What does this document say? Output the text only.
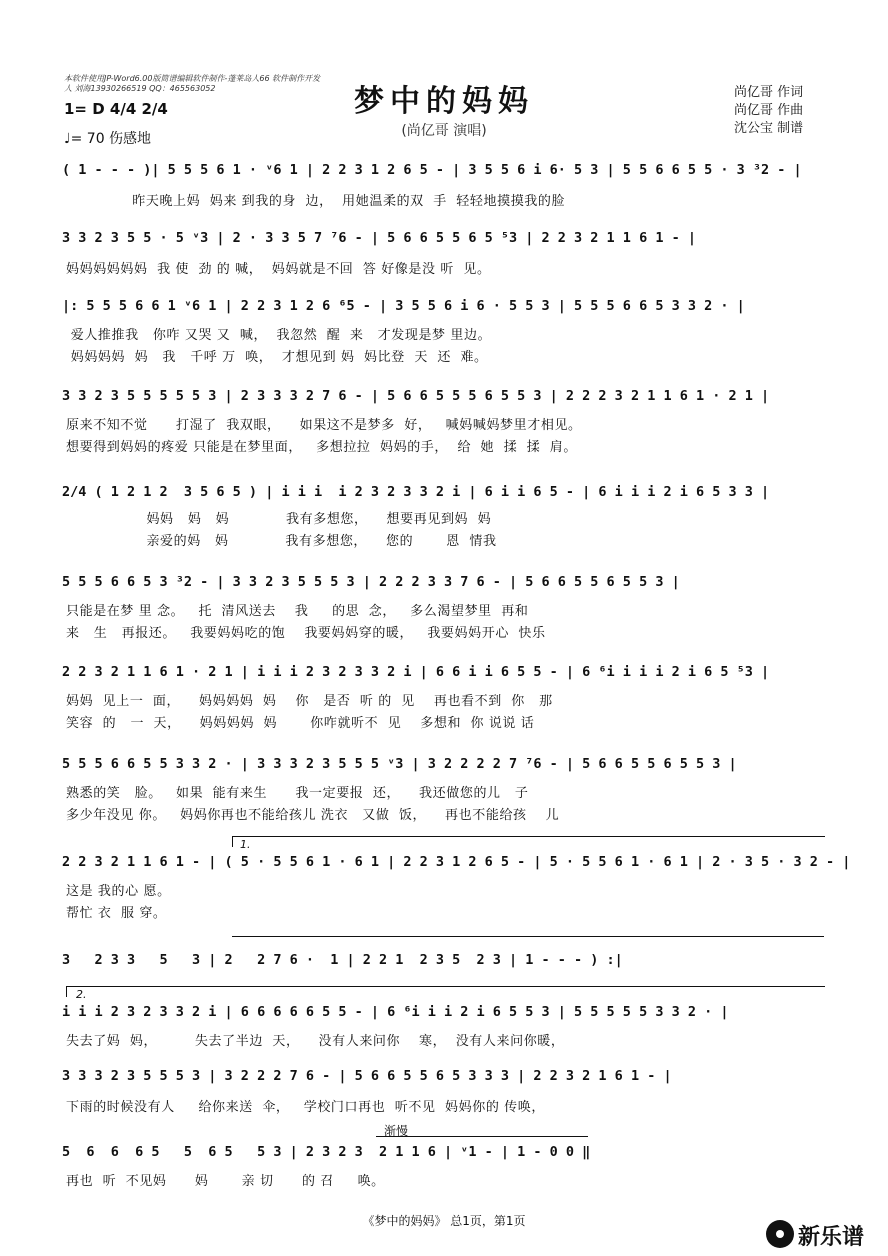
本软件使用JP-Word6.00版简谱编辑软件制作-蓬莱岛人66 软件制作开发人 刘海13930266519 QQ：465563052
1= D 4/4 2/4
♩= 70 伤感地
梦中的妈妈
(尚亿哥 演唱)
尚亿哥 作词
尚亿哥 作曲
沈公宝 制谱
( 1 - - - )| 5 5 5 6 1 · ᵛ6 1 | 2 2 3 1 2 6 5 - | 3 5 5 6 i 6· 5 3 | 5 5 6 6 5 5 · 3 ³2 - |
昨天晚上妈  妈来 到我的身  边，  用她温柔的双  手  轻轻地摸摸我的脸
3 3 2 3 5 5 · 5 ᵛ3 | 2 · 3 3 5 7 ⁷6 - | 5 6 6 5 5 6 5 ⁵3 | 2 2 3 2 1 1 6 1 - |
妈妈妈妈妈妈  我 使  劲 的 喊，  妈妈就是不回  答 好像是没 听  见。
|: 5 5 5 6 6 1 ᵛ6 1 | 2 2 3 1 2 6 ⁶5 - | 3 5 5 6 i 6 · 5 5 3 | 5 5 5 6 6 5 3 3 2 · |
爱人推推我   你咋 又哭 又  喊，  我忽然  醒  来   才发现是梦 里边。
妈妈妈妈  妈   我   千呼 万  唤，  才想见到 妈  妈比登  天  还  难。
3 3 2 3 5 5 5 5 5 3 | 2 3 3 3 2 7 6 - | 5 6 6 5 5 5 6 5 5 3 | 2 2 2 3 2 1 1 6 1 · 2 1 |
原来不知不觉      打湿了  我双眼，    如果这不是梦多  好，   喊妈喊妈梦里才相见。
想要得到妈妈的疼爱 只能是在梦里面，   多想拉拉  妈妈的手，  给  她  揉  揉  肩。
2/4 ( 1 2 1 2  3 5 6 5 ) | i i i  i 2 3 2 3 3 2 i | 6 i i 6 5 - | 6 i i i 2 i 6 5 3 3 |
妈妈   妈   妈            我有多想您，    想要再见到妈  妈
亲爱的妈   妈            我有多想您，    您的       恩  情我
5 5 5 6 6 5 3 ³2 - | 3 3 2 3 5 5 5 3 | 2 2 2 3 3 7 6 - | 5 6 6 5 5 6 5 5 3 |
只能是在梦 里 念。   托  清风送去    我     的思  念，   多么渴望梦里  再和
来   生   再报还。   我要妈妈吃的饱    我要妈妈穿的暖，   我要妈妈开心  快乐
2 2 3 2 1 1 6 1 · 2 1 | i i i 2 3 2 3 3 2 i | 6 6 i i 6 5 5 - | 6 ⁶i i i i 2 i 6 5 ⁵3 |
妈妈  见上一  面，    妈妈妈妈  妈    你   是否  听 的  见    再也看不到  你   那
笑容  的   一  天，    妈妈妈妈  妈       你咋就听不  见    多想和  你 说说 话
5 5 5 6 6 5 5 3 3 2 · | 3 3 3 2 3 5 5 5 ᵛ3 | 3 2 2 2 2 7 ⁷6 - | 5 6 6 5 5 6 5 5 3 |
熟悉的笑   脸。   如果  能有来生      我一定要报  还，    我还做您的儿   子
多少年没见 你。   妈妈你再也不能给孩儿 洗衣   又做  饭，    再也不能给孩    儿
1.
2 2 3 2 1 1 6 1 - | ( 5 · 5 5 6 1 · 6 1 | 2 2 3 1 2 6 5 - | 5 · 5 5 6 1 · 6 1 | 2 · 3 5 · 3 2 - |
这是 我的心 愿。
帮忙 衣  服 穿。
3   2 3 3   5   3 | 2   2 7 6 ·  1 | 2 2 1  2 3 5  2 3 | 1 - - - ) :|
2.
i i i 2 3 2 3 3 2 i | 6 6 6 6 6 5 5 - | 6 ⁶i i i 2 i 6 5 5 3 | 5 5 5 5 5 3 3 2 · |
失去了妈  妈，        失去了半边  天，    没有人来问你    寒，  没有人来问你暖，
3 3 3 2 3 5 5 5 3 | 3 2 2 2 7 6 - | 5 6 6 5 5 6 5 3 3 3 | 2 2 3 2 1 6 1 - |
下雨的时候没有人     给你来送  伞，   学校门口再也  听不见  妈妈你的 传唤，
渐慢
5  6  6  6 5   5  6 5   5 3 | 2 3 2 3  2 1 1 6 | ᵛ1 - | 1 - 0 0 ‖
再也  听  不见妈      妈       亲 切      的 召     唤。
《梦中的妈妈》 总1页，第1页
新乐谱
